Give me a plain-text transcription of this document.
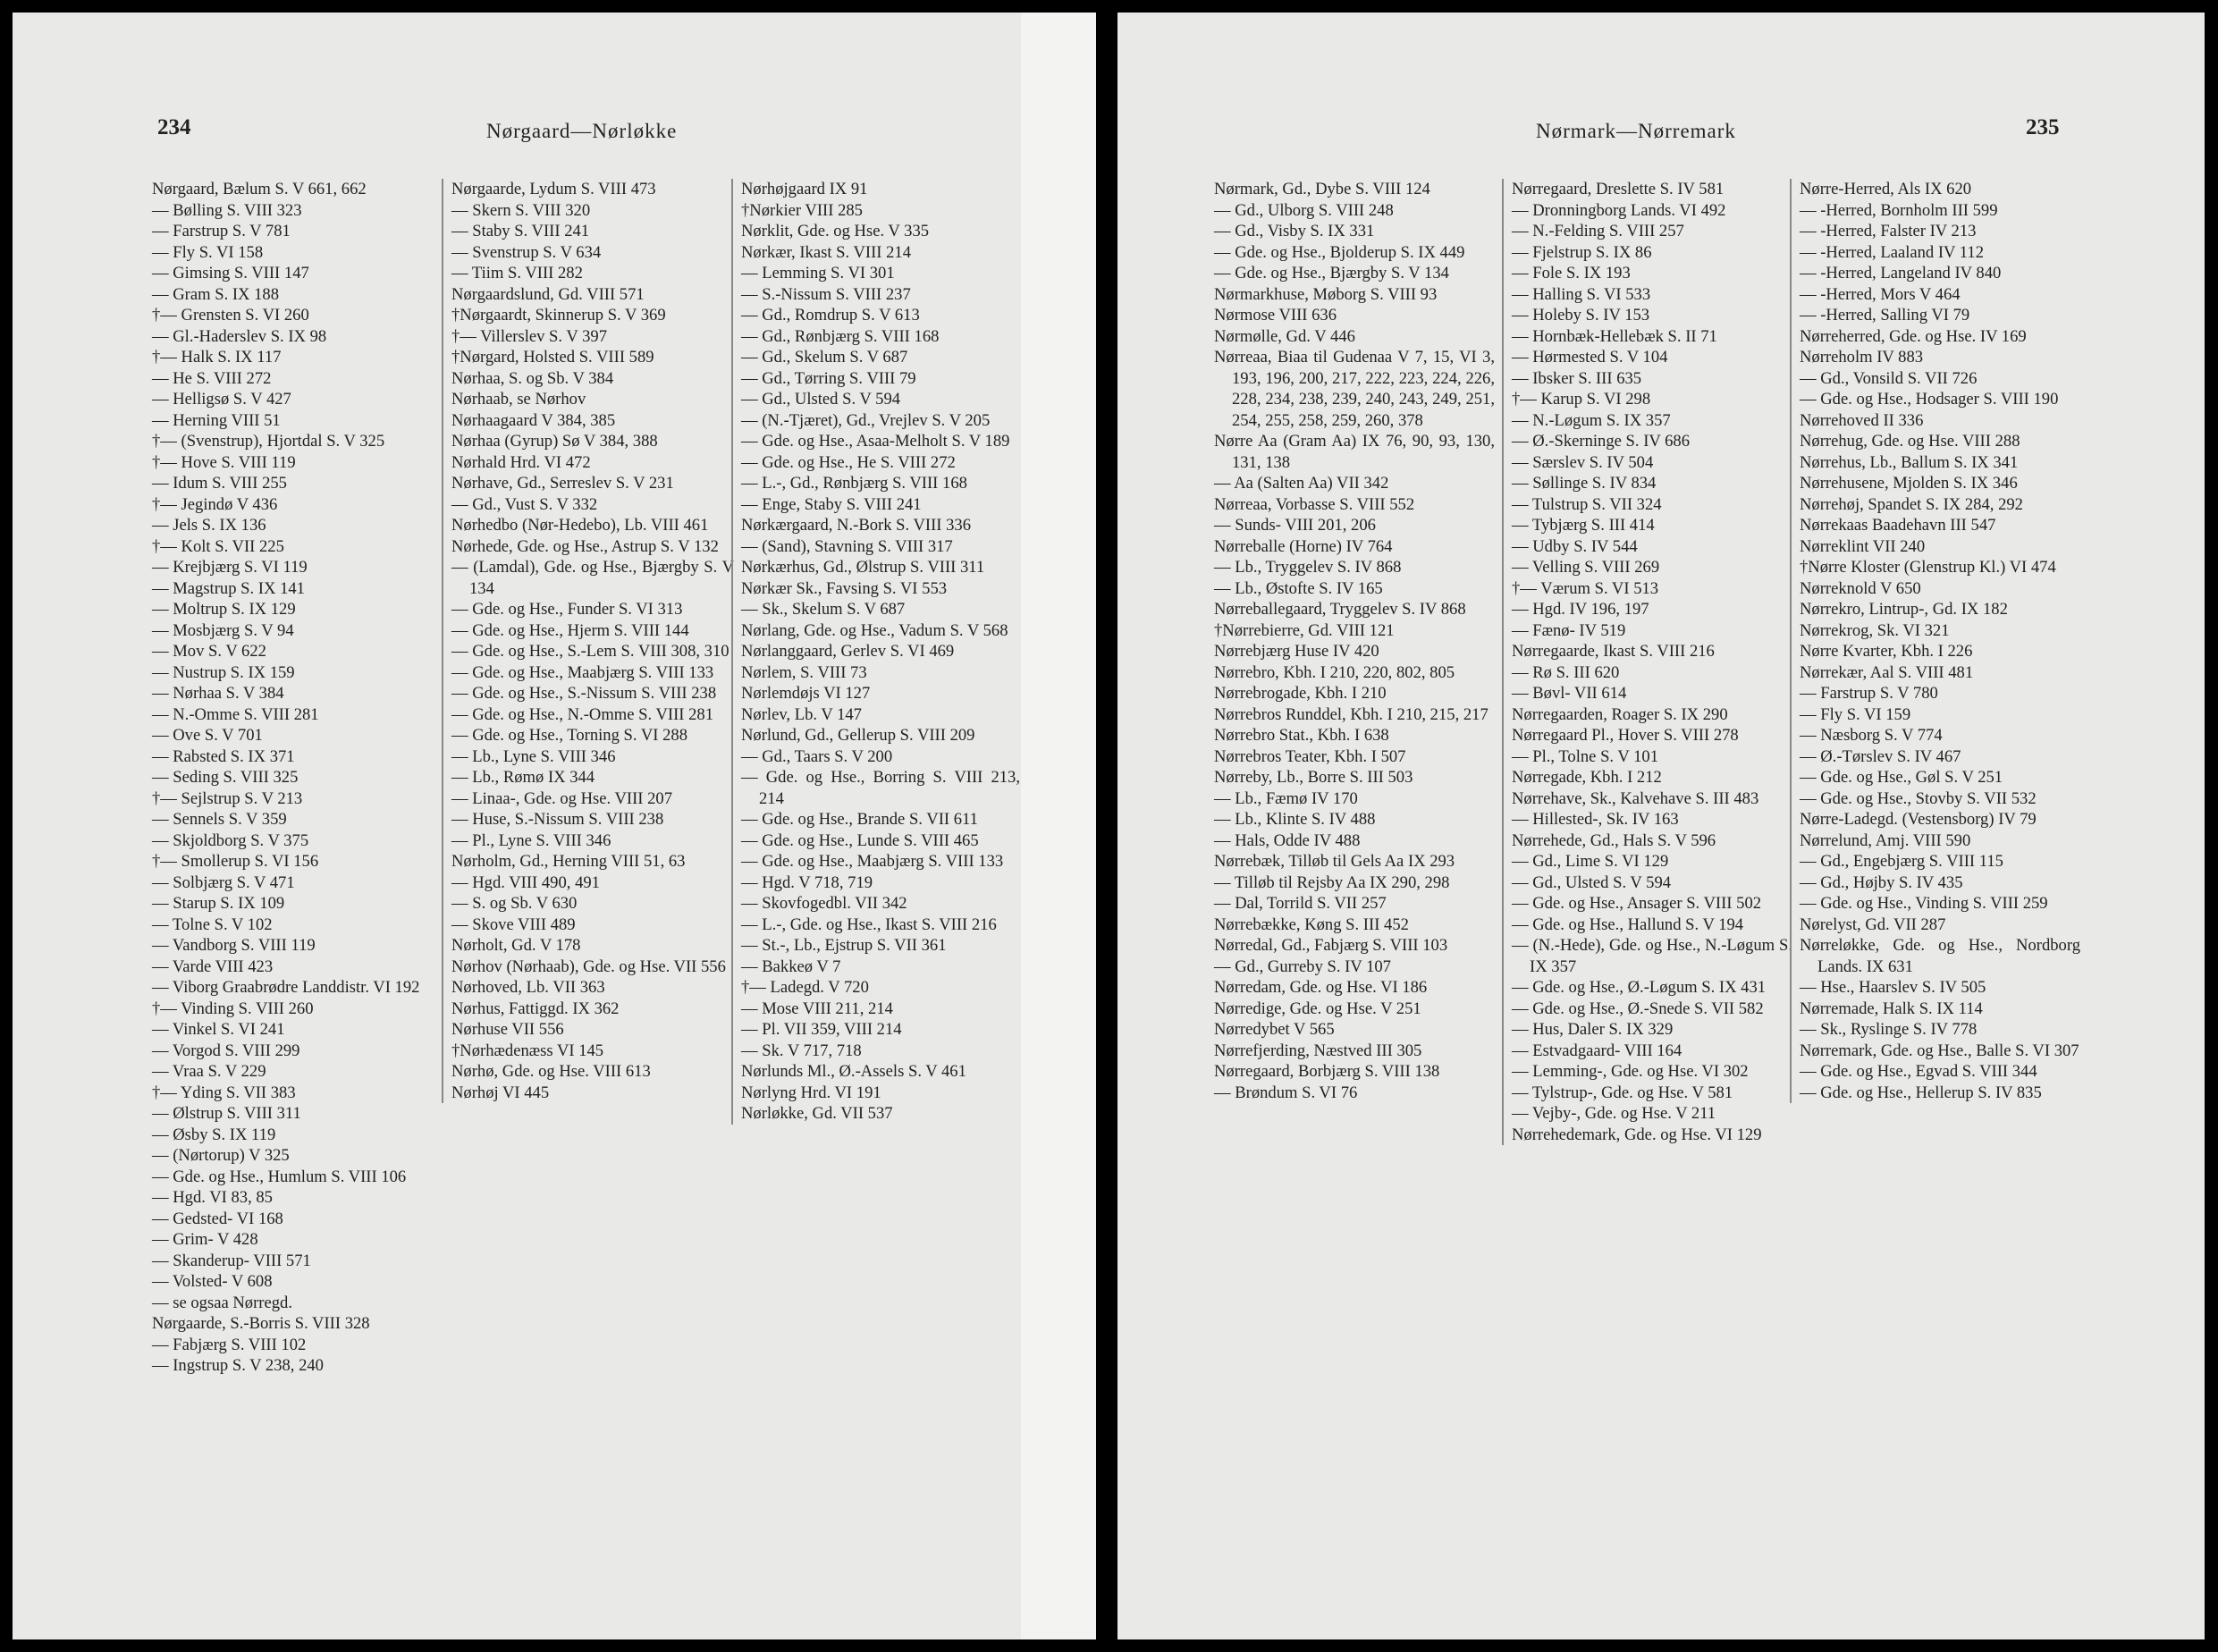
234	Nørgaard—Nørløkke
Nørgaard, Bælum S. V 661, 662
— Bølling S. VIII 323
— Farstrup S. V 781
— Fly S. VI 158
— Gimsing S. VIII 147
— Gram S. IX 188
†— Grensten S. VI 260
— Gl.-Haderslev S. IX 98
†— Halk S. IX 117
— He S. VIII 272
— Helligsø S. V 427
— Herning VIII 51
†— (Svenstrup), Hjortdal S. V 325
†— Hove S. VIII 119
— Idum S. VIII 255
†— Jegindø V 436
— Jels S. IX 136
†— Kolt S. VII 225
— Krejbjærg S. VI 119
— Magstrup S. IX 141
— Moltrup S. IX 129
— Mosbjærg S. V 94
— Mov S. V 622
— Nustrup S. IX 159
— Nørhaa S. V 384
— N.-Omme S. VIII 281
— Ove S. V 701
— Rabsted S. IX 371
— Seding S. VIII 325
†— Sejlstrup S. V 213
— Sennels S. V 359
— Skjoldborg S. V 375
†— Smollerup S. VI 156
— Solbjærg S. V 471
— Starup S. IX 109
— Tolne S. V 102
— Vandborg S. VIII 119
— Varde VIII 423
— Viborg Graabrødre Landdistr. VI 192
†— Vinding S. VIII 260
— Vinkel S. VI 241
— Vorgod S. VIII 299
— Vraa S. V 229
†— Yding S. VII 383
— Ølstrup S. VIII 311
— Øsby S. IX 119
— (Nørtorup) V 325
— Gde. og Hse., Humlum S. VIII 106
— Hgd. VI 83, 85
— Gedsted- VI 168
— Grim- V 428
— Skanderup- VIII 571
— Volsted- V 608
— se ogsaa Nørregd.
Nørgaarde, S.-Borris S. VIII 328
— Fabjærg S. VIII 102
— Ingstrup S. V 238, 240
Nørgaarde, Lydum S. VIII 473
— Skern S. VIII 320
— Staby S. VIII 241
— Svenstrup S. V 634
— Tiim S. VIII 282
Nørgaardslund, Gd. VIII 571
†Nørgaardt, Skinnerup S. V 369
†— Villerslev S. V 397
†Nørgard, Holsted S. VIII 589
Nørhaa, S. og Sb. V 384
Nørhaab, se Nørhov
Nørhaagaard V 384, 385
Nørhaa (Gyrup) Sø V 384, 388
Nørhald Hrd. VI 472
Nørhave, Gd., Serreslev S. V 231
— Gd., Vust S. V 332
Nørhedbo (Nør-Hedebo), Lb. VIII 461
Nørhede, Gde. og Hse., Astrup S. V 132
— (Lamdal), Gde. og Hse., Bjærgby S. V 134
— Gde. og Hse., Funder S. VI 313
— Gde. og Hse., Hjerm S. VIII 144
— Gde. og Hse., S.-Lem S. VIII 308, 310
— Gde. og Hse., Maabjærg S. VIII 133
— Gde. og Hse., S.-Nissum S. VIII 238
— Gde. og Hse., N.-Omme S. VIII 281
— Gde. og Hse., Torning S. VI 288
— Lb., Lyne S. VIII 346
— Lb., Rømø IX 344
— Linaa-, Gde. og Hse. VIII 207
— Huse, S.-Nissum S. VIII 238
— Pl., Lyne S. VIII 346
Nørholm, Gd., Herning VIII 51, 63
— Hgd. VIII 490, 491
— S. og Sb. V 630
— Skove VIII 489
Nørholt, Gd. V 178
Nørhov (Nørhaab), Gde. og Hse. VII 556
Nørhoved, Lb. VII 363
Nørhus, Fattiggd. IX 362
Nørhuse VII 556
†Nørhædenæss VI 145
Nørhø, Gde. og Hse. VIII 613
Nørhøj VI 445
Nørhøjgaard IX 91
†Nørkier VIII 285
Nørklit, Gde. og Hse. V 335
Nørkær, Ikast S. VIII 214
— Lemming S. VI 301
— S.-Nissum S. VIII 237
— Gd., Romdrup S. V 613
— Gd., Rønbjærg S. VIII 168
— Gd., Skelum S. V 687
— Gd., Tørring S. VIII 79
— Gd., Ulsted S. V 594
— (N.-Tjæret), Gd., Vrejlev S. V 205
— Gde. og Hse., Asaa-Melholt S. V 189
— Gde. og Hse., He S. VIII 272
— L.-, Gd., Rønbjærg S. VIII 168
— Enge, Staby S. VIII 241
Nørkærgaard, N.-Bork S. VIII 336
— (Sand), Stavning S. VIII 317
Nørkærhus, Gd., Ølstrup S. VIII 311
Nørkær Sk., Favsing S. VI 553
— Sk., Skelum S. V 687
Nørlang, Gde. og Hse., Vadum S. V 568
Nørlanggaard, Gerlev S. VI 469
Nørlem, S. VIII 73
Nørlemdøjs VI 127
Nørlev, Lb. V 147
Nørlund, Gd., Gellerup S. VIII 209
— Gd., Taars S. V 200
— Gde. og Hse., Borring S. VIII 213, 214
— Gde. og Hse., Brande S. VII 611
— Gde. og Hse., Lunde S. VIII 465
— Gde. og Hse., Maabjærg S. VIII 133
— Hgd. V 718, 719
— Skovfogedbl. VII 342
— L.-, Gde. og Hse., Ikast S. VIII 216
— St.-, Lb., Ejstrup S. VII 361
— Bakkeø V 7
†— Ladegd. V 720
— Mose VIII 211, 214
— Pl. VII 359, VIII 214
— Sk. V 717, 718
Nørlunds Ml., Ø.-Assels S. V 461
Nørlyng Hrd. VI 191
Nørløkke, Gd. VII 537
235
Nørmark—Nørremark
Nørmark, Gd., Dybe S. VIII 124
— Gd., Ulborg S. VIII 248
— Gd., Visby S. IX 331
— Gde. og Hse., Bjolderup S. IX 449
— Gde. og Hse., Bjærgby S. V 134
Nørmarkhuse, Møborg S. VIII 93
Nørmose VIII 636
Nørmølle, Gd. V 446
Nørreaa, Biaa til Gudenaa V 7, 15, VI 3, 193, 196, 200, 217, 222, 223, 224, 226, 228, 234, 238, 239, 240, 243, 249, 251, 254, 255, 258, 259, 260, 378
Nørre Aa (Gram Aa) IX 76, 90, 93, 130, 131, 138
— Aa (Salten Aa) VII 342
Nørreaa, Vorbasse S. VIII 552
— Sunds- VIII 201, 206
Nørreballe (Horne) IV 764
— Lb., Tryggelev S. IV 868
— Lb., Østofte S. IV 165
Nørreballegaard, Tryggelev S. IV 868
†Nørrebierre, Gd. VIII 121
Nørrebjærg Huse IV 420
Nørrebro, Kbh. I 210, 220, 802, 805
Nørrebrogade, Kbh. I 210
Nørrebros Runddel, Kbh. I 210, 215, 217
Nørrebro Stat., Kbh. I 638
Nørrebros Teater, Kbh. I 507
Nørreby, Lb., Borre S. III 503
— Lb., Fæmø IV 170
— Lb., Klinte S. IV 488
— Hals, Odde IV 488
Nørrebæk, Tilløb til Gels Aa IX 293
— Tilløb til Rejsby Aa IX 290, 298
— Dal, Torrild S. VII 257
Nørrebække, Køng S. III 452
Nørredal, Gd., Fabjærg S. VIII 103
— Gd., Gurreby S. IV 107
Nørredam, Gde. og Hse. VI 186
Nørredige, Gde. og Hse. V 251
Nørredybet V 565
Nørrefjerding, Næstved III 305
Nørregaard, Borbjærg S. VIII 138
— Brøndum S. VI 76
Nørregaard, Dreslette S. IV 581
— Dronningborg Lands. VI 492
— N.-Felding S. VIII 257
— Fjelstrup S. IX 86
— Fole S. IX 193
— Halling S. VI 533
— Holeby S. IV 153
— Hornbæk-Hellebæk S. II 71
— Hørmested S. V 104
— Ibsker S. III 635
†— Karup S. VI 298
— N.-Løgum S. IX 357
— Ø.-Skerninge S. IV 686
— Særslev S. IV 504
— Søllinge S. IV 834
— Tulstrup S. VII 324
— Tybjærg S. III 414
— Udby S. IV 544
— Velling S. VIII 269
†— Værum S. VI 513
— Hgd. IV 196, 197
— Fænø- IV 519
Nørregaarde, Ikast S. VIII 216
— Rø S. III 620
— Bøvl- VII 614
Nørregaarden, Roager S. IX 290
Nørregaard Pl., Hover S. VIII 278
— Pl., Tolne S. V 101
Nørregade, Kbh. I 212
Nørrehave, Sk., Kalvehave S. III 483
— Hillested-, Sk. IV 163
Nørrehede, Gd., Hals S. V 596
— Gd., Lime S. VI 129
— Gd., Ulsted S. V 594
— Gde. og Hse., Ansager S. VIII 502
— Gde. og Hse., Hallund S. V 194
— (N.-Hede), Gde. og Hse., N.-Løgum S. IX 357
— Gde. og Hse., Ø.-Løgum S. IX 431
— Gde. og Hse., Ø.-Snede S. VII 582
— Hus, Daler S. IX 329
— Estvadgaard- VIII 164
— Lemming-, Gde. og Hse. VI 302
— Tylstrup-, Gde. og Hse. V 581
— Vejby-, Gde. og Hse. V 211
Nørrehedemark, Gde. og Hse. VI 129
Nørre-Herred, Als IX 620
— -Herred, Bornholm III 599
— -Herred, Falster IV 213
— -Herred, Laaland IV 112
— -Herred, Langeland IV 840
— -Herred, Mors V 464
— -Herred, Salling VI 79
Nørreherred, Gde. og Hse. IV 169
Nørreholm IV 883
— Gd., Vonsild S. VII 726
— Gde. og Hse., Hodsager S. VIII 190
Nørrehoved II 336
Nørrehug, Gde. og Hse. VIII 288
Nørrehus, Lb., Ballum S. IX 341
Nørrehusene, Mjolden S. IX 346
Nørrehøj, Spandet S. IX 284, 292
Nørrekaas Baadehavn III 547
Nørreklint VII 240
†Nørre Kloster (Glenstrup Kl.) VI 474
Nørreknold V 650
Nørrekro, Lintrup-, Gd. IX 182
Nørrekrog, Sk. VI 321
Nørre Kvarter, Kbh. I 226
Nørrekær, Aal S. VIII 481
— Farstrup S. V 780
— Fly S. VI 159
— Næsborg S. V 774
— Ø.-Tørslev S. IV 467
— Gde. og Hse., Gøl S. V 251
— Gde. og Hse., Stovby S. VII 532
Nørre-Ladegd. (Vestensborg) IV 79
Nørrelund, Amj. VIII 590
— Gd., Engebjærg S. VIII 115
— Gd., Højby S. IV 435
— Gde. og Hse., Vinding S. VIII 259
Nørelyst, Gd. VII 287
Nørreløkke, Gde. og Hse., Nordborg Lands. IX 631
— Hse., Haarslev S. IV 505
Nørremade, Halk S. IX 114
— Sk., Ryslinge S. IV 778
Nørremark, Gde. og Hse., Balle S. VI 307
— Gde. og Hse., Egvad S. VIII 344
— Gde. og Hse., Hellerup S. IV 835
